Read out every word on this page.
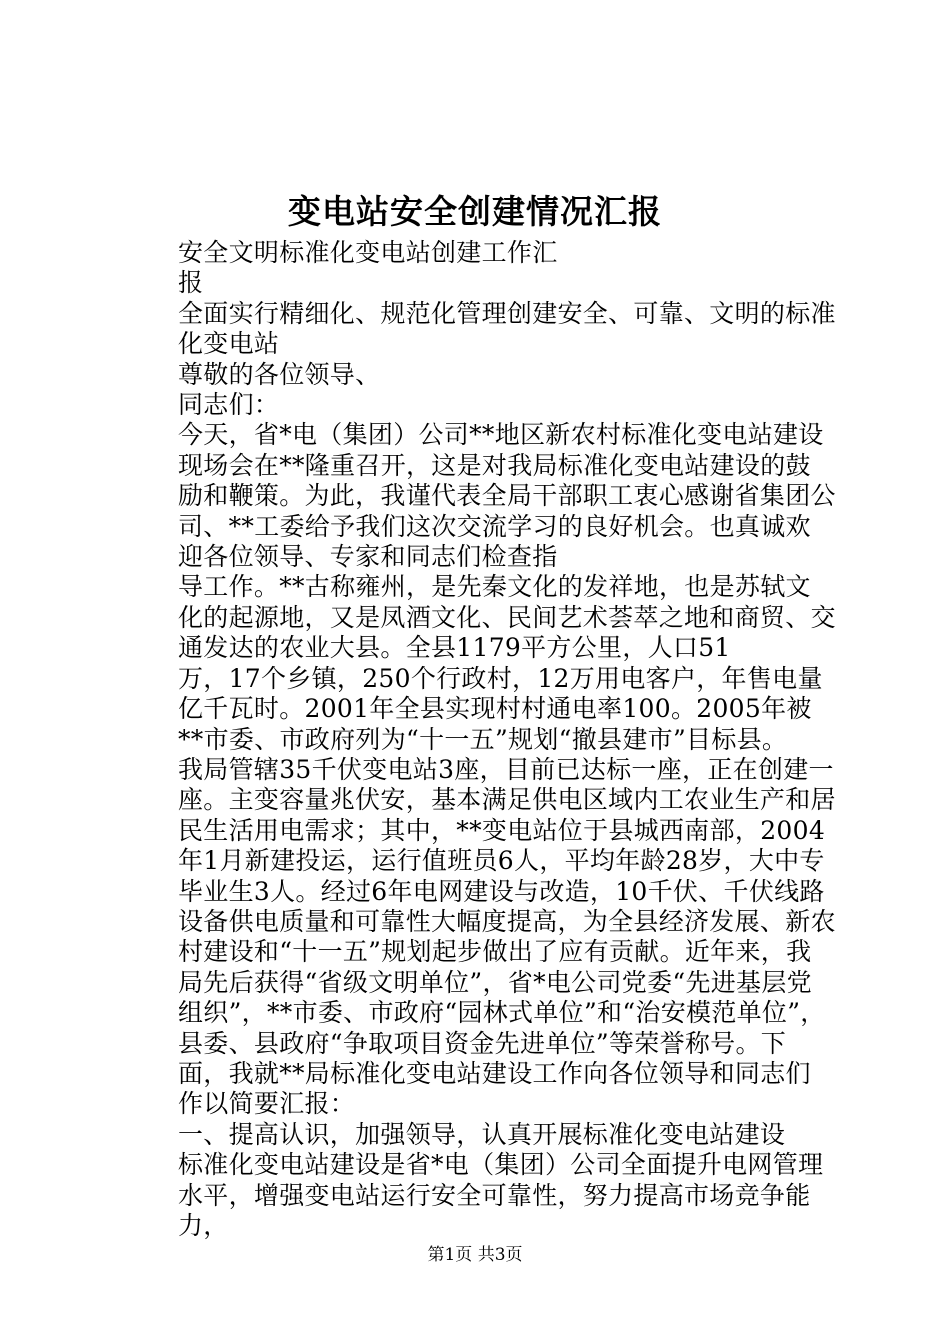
变电站安全创建情况汇报

安全文明标准化变电站创建工作汇

报

全面实行精细化、规范化管理创建安全、可靠、文明的标准化变电站

尊敬的各位领导、

同志们：

今天，省*电（集团）公司**地区新农村标准化变电站建设现场会在**隆重召开，这是对我局标准化变电站建设的鼓励和鞭策。为此，我谨代表全局干部职工衷心感谢省集团公司、**工委给予我们这次交流学习的良好机会。也真诚欢迎各位领导、专家和同志们检查指

导工作。**古称雍州，是先秦文化的发祥地，也是苏轼文化的起源地，又是凤酒文化、民间艺术荟萃之地和商贸、交通发达的农业大县。全县1179平方公里，人口51

万，17个乡镇，250个行政村，12万用电客户，年售电量亿千瓦时。2001年全县实现村村通电率100。2005年被**市委、市政府列为“十一五”规划“撤县建市”目标县。

我局管辖35千伏变电站3座，目前已达标一座，正在创建一座。主变容量兆伏安，基本满足供电区域内工农业生产和居民生活用电需求；其中，**变电站位于县城西南部，2004年1月新建投运，运行值班员6人，平均年龄28岁，大中专毕业生3人。经过6年电网建设与改造，10千伏、千伏线路设备供电质量和可靠性大幅度提高，为全县经济发展、新农村建设和“十一五”规划起步做出了应有贡献。近年来，我局先后获得“省级文明单位”，省*电公司党委“先进基层党组织”，**市委、市政府“园林式单位”和“治安模范单位”，县委、县政府“争取项目资金先进单位”等荣誉称号。下面，我就**局标准化变电站建设工作向各位领导和同志们作以简要汇报：

一、提高认识，加强领导，认真开展标准化变电站建设

标准化变电站建设是省*电（集团）公司全面提升电网管理水平，增强变电站运行安全可靠性，努力提高市场竞争能力，

第1页 共3页
